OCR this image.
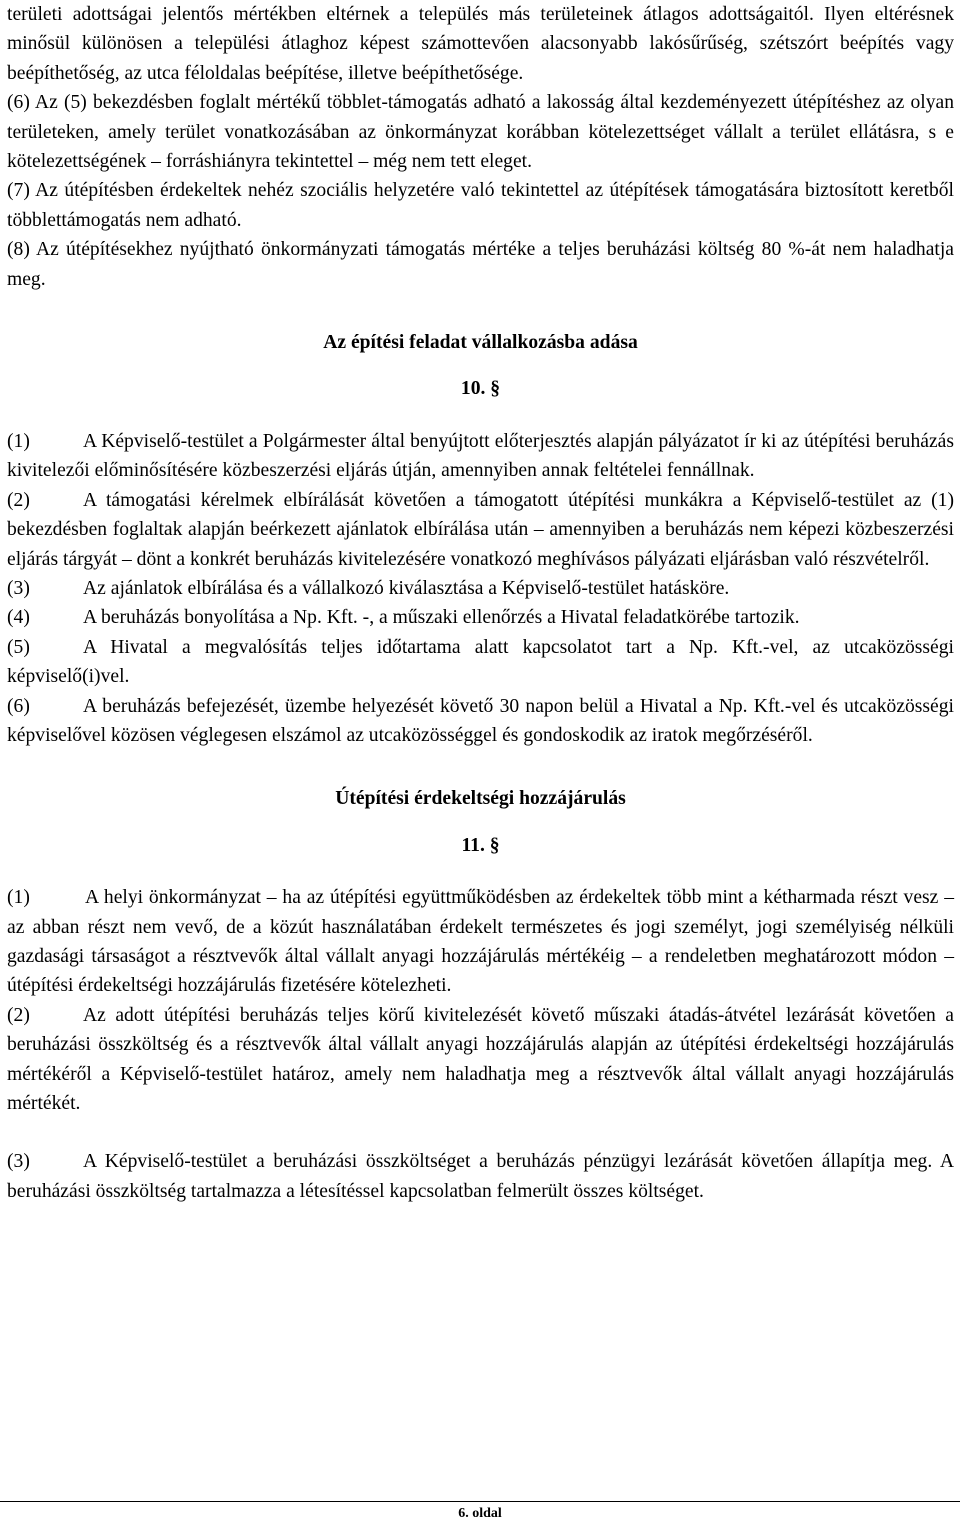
területi adottságai jelentős mértékben eltérnek a település más területeinek átlagos adottságaitól. Ilyen eltérésnek minősül különösen a települési átlaghoz képest számottevően alacsonyabb lakósűrűség, szétszórt beépítés vagy beépíthetőség, az utca féloldalas beépítése, illetve beépíthetősége.

(6) Az (5) bekezdésben foglalt mértékű többlet-támogatás adható a lakosság által kezdeményezett útépítéshez az olyan területeken, amely terület vonatkozásában az önkormányzat korábban kötelezettséget vállalt a terület ellátásra, s e kötelezettségének – forráshiányra tekintettel – még nem tett eleget.

(7) Az útépítésben érdekeltek nehéz szociális helyzetére való tekintettel az útépítések támogatására biztosított keretből többlettámogatás nem adható.

(8) Az útépítésekhez nyújtható önkormányzati támogatás mértéke a teljes beruházási költség 80 %-át nem haladhatja meg.

Az építési feladat vállalkozásba adása

10. §

(1)	A Képviselő-testület a Polgármester által benyújtott előterjesztés alapján pályázatot ír ki az útépítési beruházás kivitelezői előminősítésére közbeszerzési eljárás útján, amennyiben annak feltételei fennállnak.

(2)	A támogatási kérelmek elbírálását követően a támogatott útépítési munkákra a Képviselő-testület az (1) bekezdésben foglaltak alapján beérkezett ajánlatok elbírálása után – amennyiben a beruházás nem képezi közbeszerzési eljárás tárgyát – dönt a konkrét beruházás kivitelezésére vonatkozó meghívásos pályázati eljárásban való részvételről.

(3)	Az ajánlatok elbírálása és a vállalkozó kiválasztása a Képviselő-testület hatásköre.

(4)	A beruházás bonyolítása a Np. Kft. -, a műszaki ellenőrzés a Hivatal feladatkörébe tartozik.

(5)	A Hivatal a megvalósítás teljes időtartama alatt kapcsolatot tart a Np. Kft.-vel, az utcaközösségi képviselő(i)vel.

(6)	A beruházás befejezését, üzembe helyezését követő 30 napon belül a Hivatal a Np. Kft.-vel és utcaközösségi képviselővel közösen véglegesen elszámol az utcaközösséggel és gondoskodik az iratok megőrzéséről.

Útépítési érdekeltségi hozzájárulás

11. §

(1)	A helyi önkormányzat – ha az útépítési együttműködésben az érdekeltek több mint a kétharmada részt vesz – az abban részt nem vevő, de a közút használatában érdekelt természetes és jogi személyt, jogi személyiség nélküli gazdasági társaságot a résztvevők által vállalt anyagi hozzájárulás mértékéig – a rendeletben meghatározott módon – útépítési érdekeltségi hozzájárulás fizetésére kötelezheti.

(2)	Az adott útépítési beruházás teljes körű kivitelezését követő műszaki átadás-átvétel lezárását követően a beruházási összköltség és a résztvevők által vállalt anyagi hozzájárulás alapján az útépítési érdekeltségi hozzájárulás mértékéről a Képviselő-testület határoz, amely nem haladhatja meg a résztvevők által vállalt anyagi hozzájárulás mértékét.

(3)	A Képviselő-testület a beruházási összköltséget a beruházás pénzügyi lezárását követően állapítja meg. A beruházási összköltség tartalmazza a létesítéssel kapcsolatban felmerült összes költséget.

6. oldal
